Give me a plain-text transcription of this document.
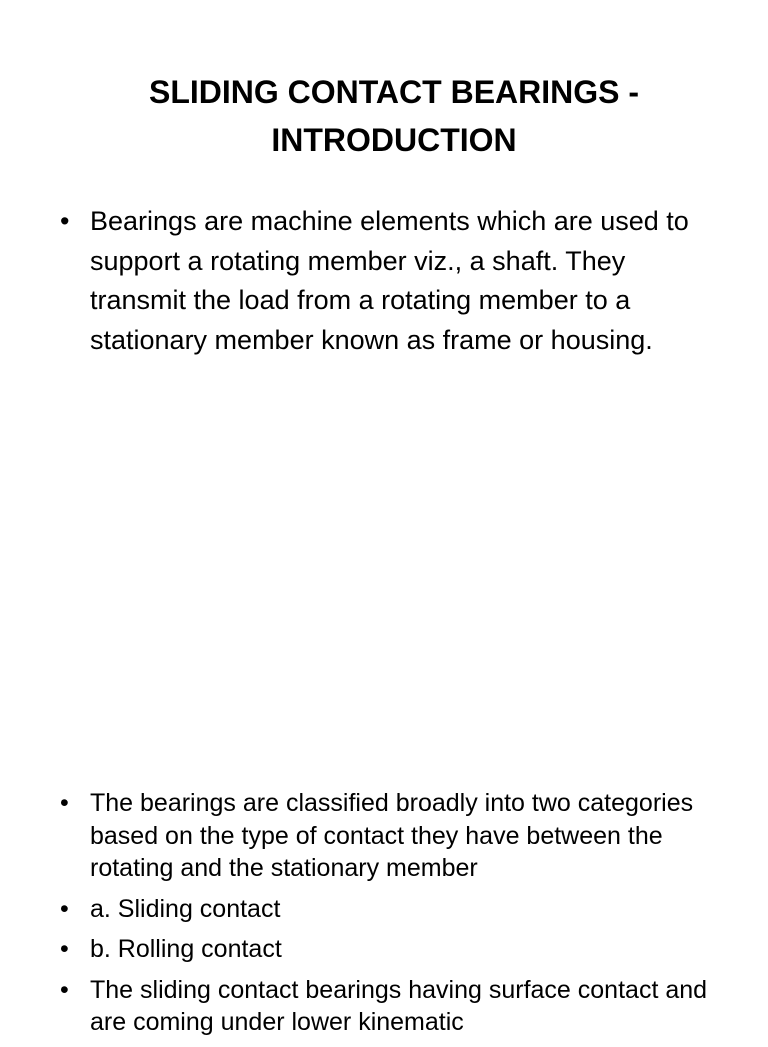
SLIDING CONTACT BEARINGS -
INTRODUCTION
• Bearings are machine elements which are used to support a rotating member viz., a shaft. They transmit the load from a rotating member to a stationary member known as frame or housing.
• The bearings are classified broadly into two categories based on the type of contact they have between the rotating and the stationary member
• a. Sliding contact
• b. Rolling contact
• The sliding contact bearings having surface contact and are coming under lower kinematic
